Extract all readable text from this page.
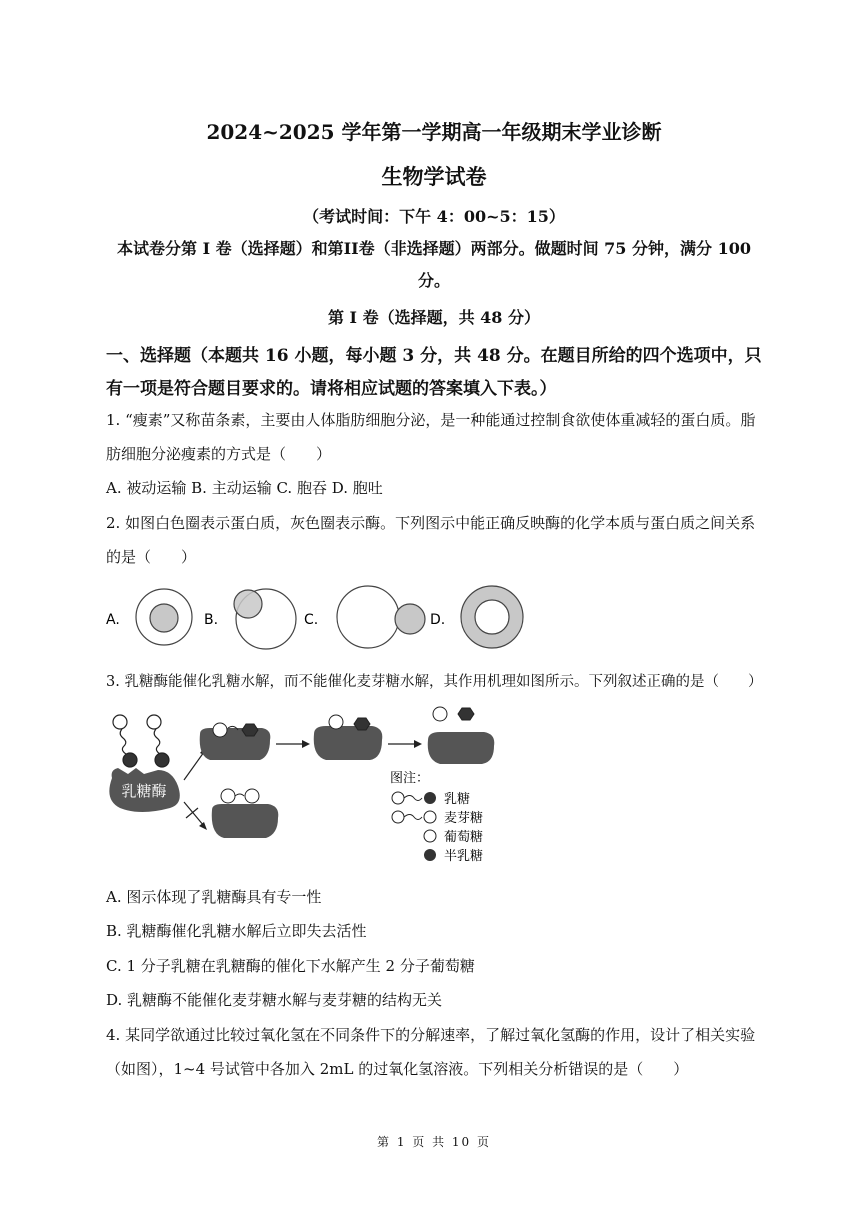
2024~2025 学年第一学期高一年级期末学业诊断
生物学试卷
（考试时间：下午 4：00~5：15）
本试卷分第 I 卷（选择题）和第II卷（非选择题）两部分。做题时间 75 分钟，满分 100
分。
第 I 卷（选择题，共 48 分）
一、选择题（本题共 16 小题，每小题 3 分，共 48 分。在题目所给的四个选项中，只
有一项是符合题目要求的。请将相应试题的答案填入下表。）
1. “瘦素”又称苗条素，主要由人体脂肪细胞分泌，是一种能通过控制食欲使体重减轻的蛋白质。脂
肪细胞分泌瘦素的方式是（　　）
A. 被动运输 B. 主动运输 C. 胞吞 D. 胞吐
2. 如图白色圈表示蛋白质，灰色圈表示酶。下列图示中能正确反映酶的化学本质与蛋白质之间关系
的是（　　）
A.	B.	C.	D.
3. 乳糖酶能催化乳糖水解，而不能催化麦芽糖水解，其作用机理如图所示。下列叙述正确的是（　　）
乳糖酶
图注：
乳糖
麦芽糖
葡萄糖
半乳糖
A. 图示体现了乳糖酶具有专一性
B. 乳糖酶催化乳糖水解后立即失去活性
C. 1 分子乳糖在乳糖酶的催化下水解产生 2 分子葡萄糖
D. 乳糖酶不能催化麦芽糖水解与麦芽糖的结构无关
4. 某同学欲通过比较过氧化氢在不同条件下的分解速率，了解过氧化氢酶的作用，设计了相关实验
（如图），1~4 号试管中各加入 2mL 的过氧化氢溶液。下列相关分析错误的是（　　）
第 1 页 共 10 页
